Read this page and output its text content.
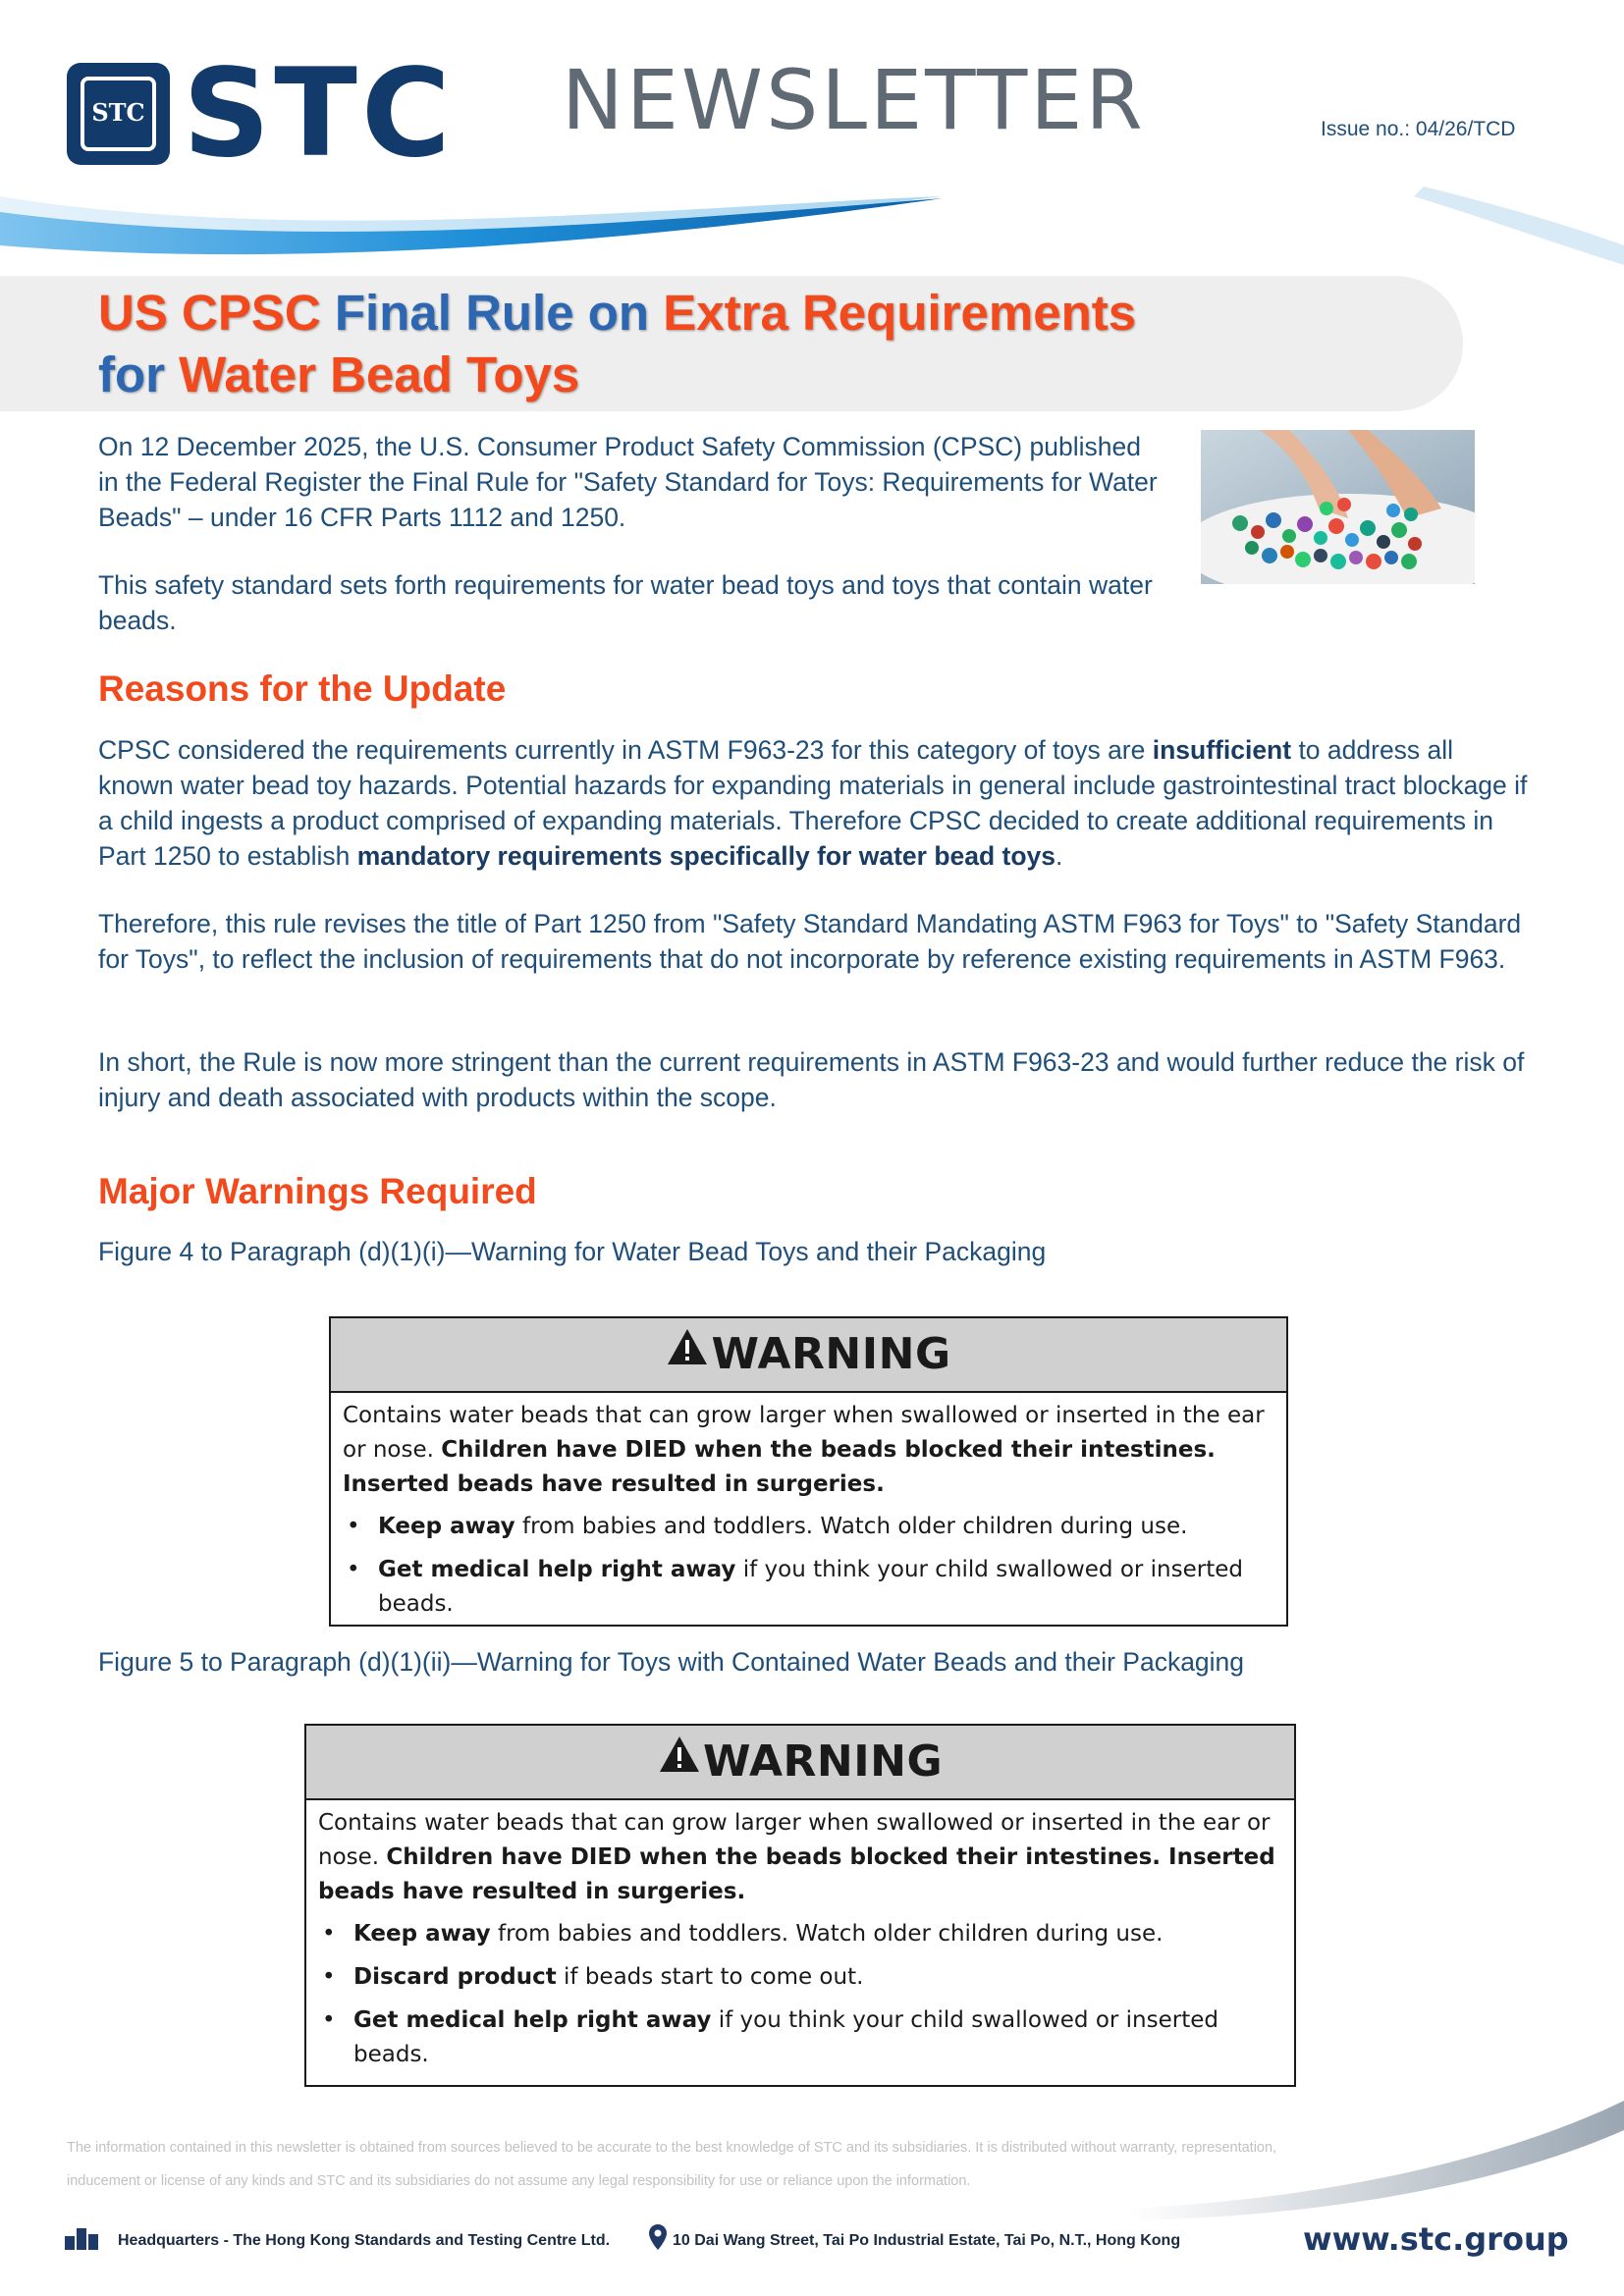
STC STC NEWSLETTER	Issue no.: 04/26/TCD
US CPSC Final Rule on Extra Requirements
for Water Bead Toys
On 12 December 2025, the U.S. Consumer Product Safety Commission (CPSC) published in the Federal Register the Final Rule for "Safety Standard for Toys: Requirements for Water Beads" – under 16 CFR Parts 1112 and 1250.
This safety standard sets forth requirements for water bead toys and toys that contain water beads.
Reasons for the Update
CPSC considered the requirements currently in ASTM F963-23 for this category of toys are insufficient to address all known water bead toy hazards. Potential hazards for expanding materials in general include gastrointestinal tract blockage if a child ingests a product comprised of expanding materials. Therefore CPSC decided to create additional requirements in Part 1250 to establish mandatory requirements specifically for water bead toys.
Therefore, this rule revises the title of Part 1250 from "Safety Standard Mandating ASTM F963 for Toys" to "Safety Standard for Toys", to reflect the inclusion of requirements that do not incorporate by reference existing requirements in ASTM F963.
In short, the Rule is now more stringent than the current requirements in ASTM F963-23 and would further reduce the risk of injury and death associated with products within the scope.
Major Warnings Required
Figure 4 to Paragraph (d)(1)(i)—Warning for Water Bead Toys and their Packaging
WARNING

Contains water beads that can grow larger when swallowed or inserted in the ear or nose. Children have DIED when the beads blocked their intestines. Inserted beads have resulted in surgeries.

• Keep away from babies and toddlers. Watch older children during use.
• Get medical help right away if you think your child swallowed or inserted beads.
Figure 5 to Paragraph (d)(1)(ii)—Warning for Toys with Contained Water Beads and their Packaging
WARNING

Contains water beads that can grow larger when swallowed or inserted in the ear or nose. Children have DIED when the beads blocked their intestines. Inserted beads have resulted in surgeries.

• Keep away from babies and toddlers. Watch older children during use.
• Discard product if beads start to come out.
• Get medical help right away if you think your child swallowed or inserted beads.
The information contained in this newsletter is obtained from sources believed to be accurate to the best knowledge of STC and its subsidiaries. It is distributed without warranty, representation, inducement or license of any kinds and STC and its subsidiaries do not assume any legal responsibility for use or reliance upon the information.
Headquarters - The Hong Kong Standards and Testing Centre Ltd.	10 Dai Wang Street, Tai Po Industrial Estate, Tai Po, N.T., Hong Kong	www.stc.group
